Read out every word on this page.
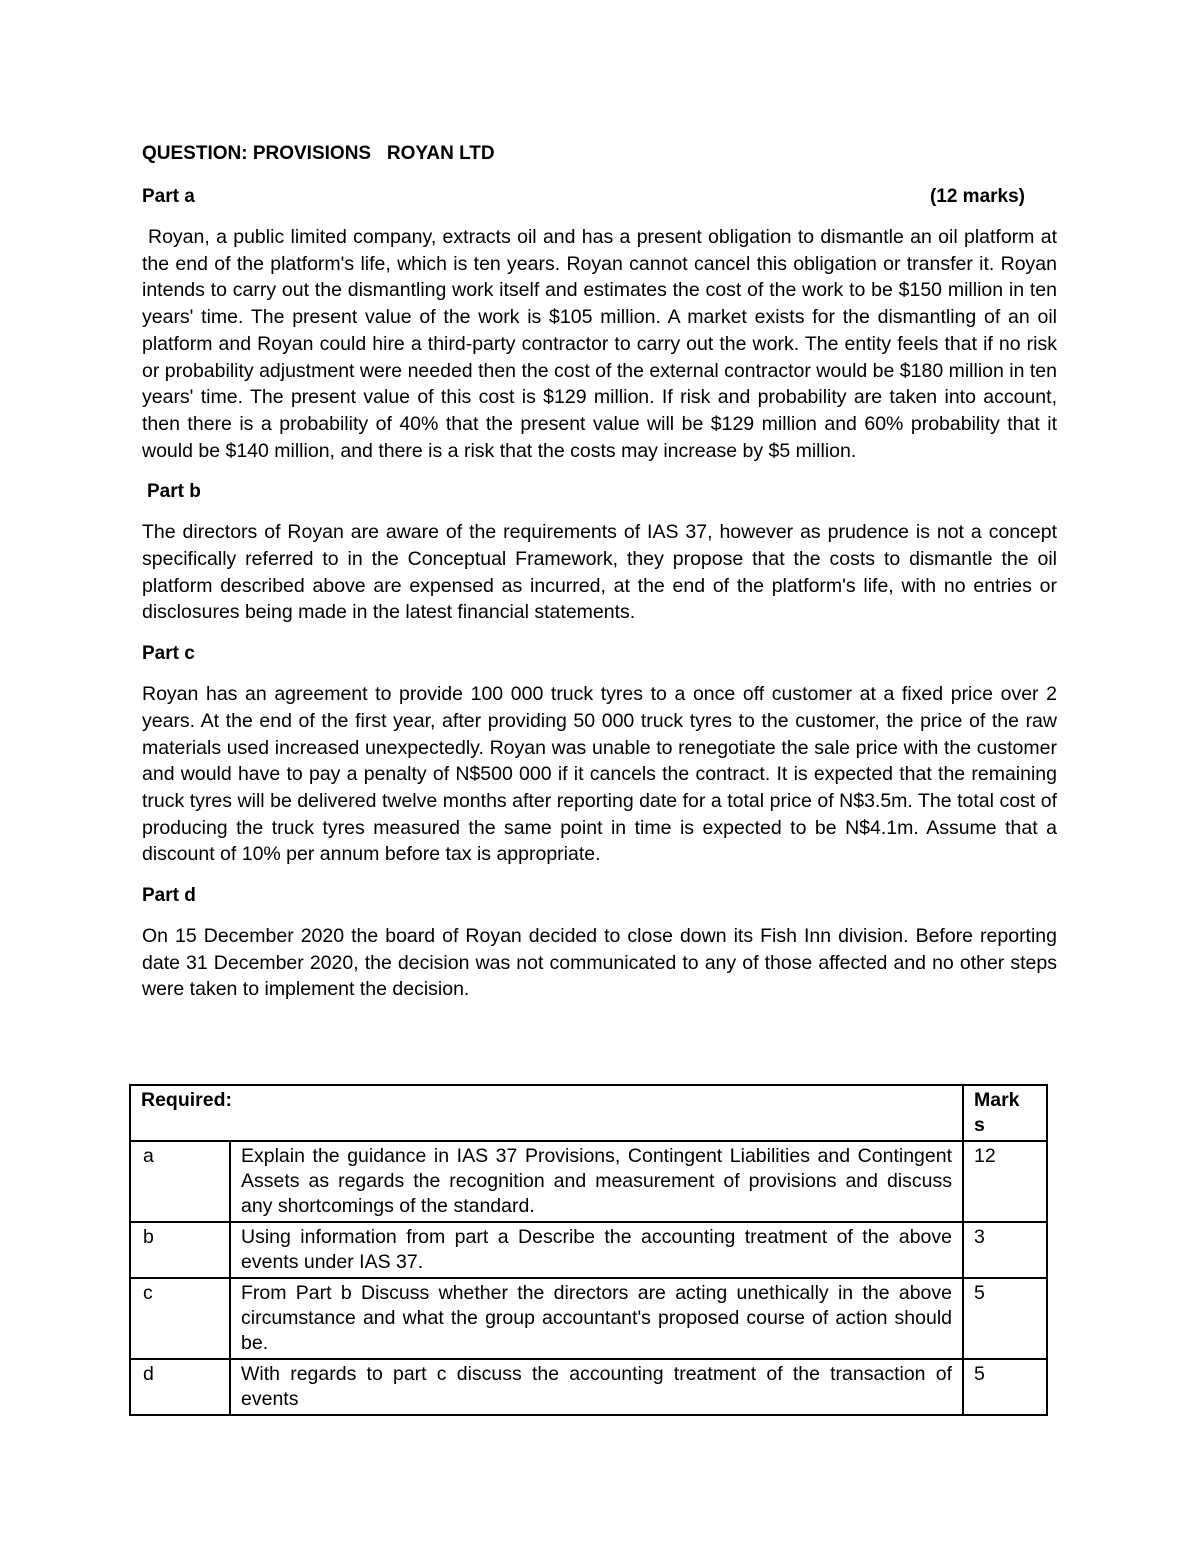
QUESTION: PROVISIONS   ROYAN LTD
Part a	(12 marks)

Royan, a public limited company, extracts oil and has a present obligation to dismantle an oil platform at the end of the platform's life, which is ten years. Royan cannot cancel this obligation or transfer it. Royan intends to carry out the dismantling work itself and estimates the cost of the work to be $150 million in ten years' time. The present value of the work is $105 million. A market exists for the dismantling of an oil platform and Royan could hire a third-party contractor to carry out the work. The entity feels that if no risk or probability adjustment were needed then the cost of the external contractor would be $180 million in ten years' time. The present value of this cost is $129 million. If risk and probability are taken into account, then there is a probability of 40% that the present value will be $129 million and 60% probability that it would be $140 million, and there is a risk that the costs may increase by $5 million.

Part b

The directors of Royan are aware of the requirements of IAS 37, however as prudence is not a concept specifically referred to in the Conceptual Framework, they propose that the costs to dismantle the oil platform described above are expensed as incurred, at the end of the platform's life, with no entries or disclosures being made in the latest financial statements.

Part c

Royan has an agreement to provide 100 000 truck tyres to a once off customer at a fixed price over 2 years. At the end of the first year, after providing 50 000 truck tyres to the customer, the price of the raw materials used increased unexpectedly. Royan was unable to renegotiate the sale price with the customer and would have to pay a penalty of N$500 000 if it cancels the contract. It is expected that the remaining truck tyres will be delivered twelve months after reporting date for a total price of N$3.5m. The total cost of producing the truck tyres measured the same point in time is expected to be N$4.1m. Assume that a discount of 10% per annum before tax is appropriate.

Part d

On 15 December 2020 the board of Royan decided to close down its Fish Inn division. Before reporting date 31 December 2020, the decision was not communicated to any of those affected and no other steps were taken to implement the decision.

Required:		Mark
s
a	Explain the guidance in IAS 37 Provisions, Contingent Liabilities and Contingent Assets as regards the recognition and measurement of provisions and discuss any shortcomings of the standard.	12
b	Using information from part a Describe the accounting treatment of the above events under IAS 37.	3
c	From Part b Discuss whether the directors are acting unethically in the above circumstance and what the group accountant's proposed course of action should be.	5
d	With regards to part c discuss the accounting treatment of the transaction of events	5
